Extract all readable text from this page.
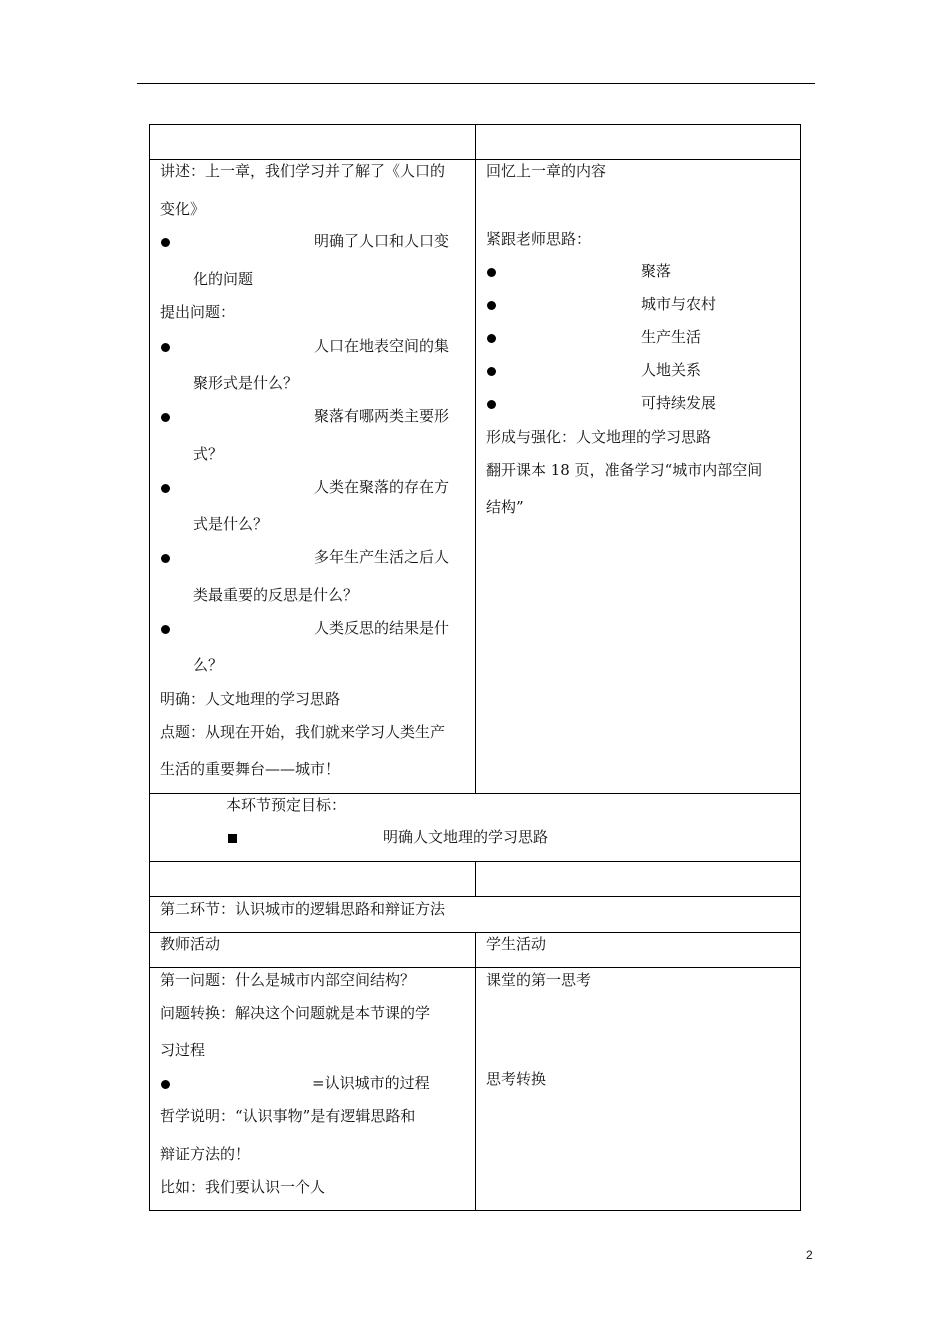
讲述：上一章，我们学习并了解了《人口的
变化》
明确了人口和人口变
化的问题
提出问题：
人口在地表空间的集
聚形式是什么？
聚落有哪两类主要形
式？
人类在聚落的存在方
式是什么？
多年生产生活之后人
类最重要的反思是什么？
人类反思的结果是什
么？
明确：人文地理的学习思路
点题：从现在开始，我们就来学习人类生产
生活的重要舞台——城市！
回忆上一章的内容
紧跟老师思路：
聚落
城市与农村
生产生活
人地关系
可持续发展
形成与强化：人文地理的学习思路
翻开课本 18 页，准备学习“城市内部空间
结构”
本环节预定目标：
明确人文地理的学习思路
第二环节：认识城市的逻辑思路和辩证方法
教师活动	学生活动
第一问题：什么是城市内部空间结构？
问题转换：解决这个问题就是本节课的学
习过程
=认识城市的过程
哲学说明：“认识事物”是有逻辑思路和
辩证方法的！
比如：我们要认识一个人
课堂的第一思考
思考转换
2
